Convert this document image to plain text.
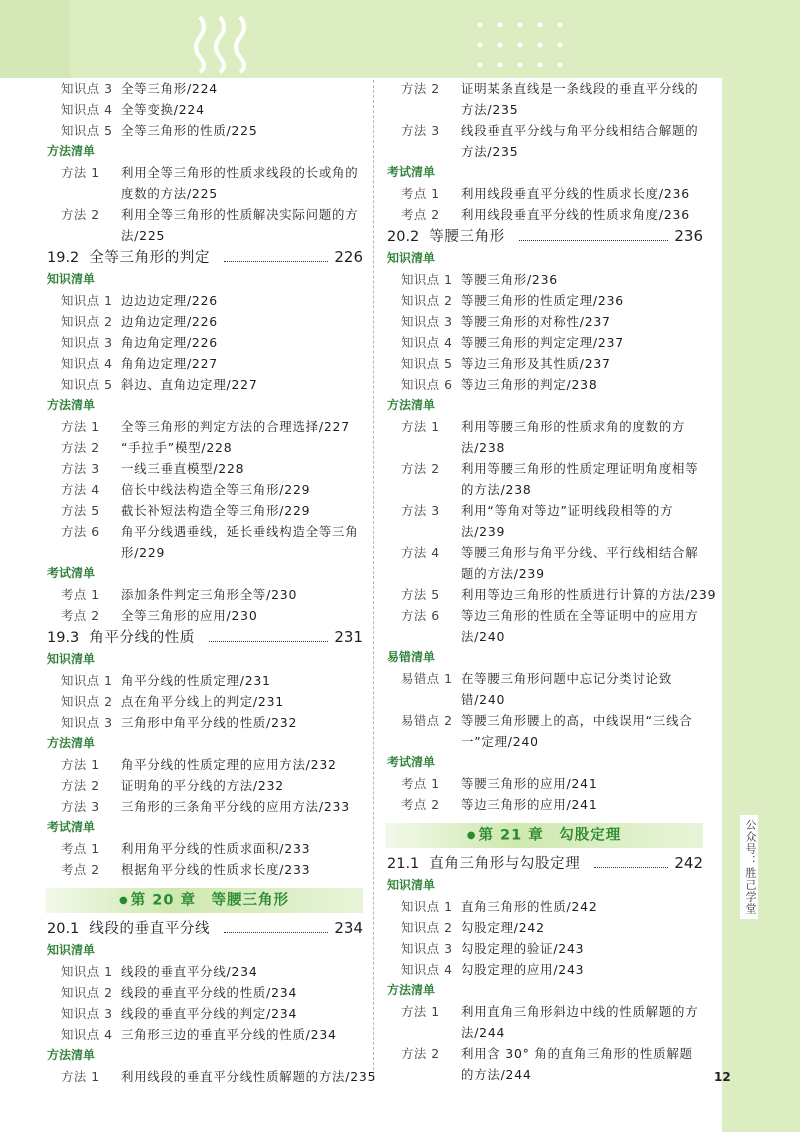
知识点 3 全等三角形/224
知识点 4 全等变换/224
知识点 5 全等三角形的性质/225
方法清单
方法 1	利用全等三角形的性质求线段的长或角的度数的方法/225
方法 2	利用全等三角形的性质解决实际问题的方法/225
19.2 全等三角形的判定	226
知识清单
知识点 1 边边边定理/226
知识点 2 边角边定理/226
知识点 3 角边角定理/226
知识点 4 角角边定理/227
知识点 5 斜边、直角边定理/227
方法清单
方法 1	全等三角形的判定方法的合理选择/227
方法 2	“手拉手”模型/228
方法 3	一线三垂直模型/228
方法 4	倍长中线法构造全等三角形/229
方法 5	截长补短法构造全等三角形/229
方法 6	角平分线遇垂线，延长垂线构造全等三角形/229
考试清单
考点 1	添加条件判定三角形全等/230
考点 2	全等三角形的应用/230
19.3 角平分线的性质	231
知识清单
知识点 1 角平分线的性质定理/231
知识点 2 点在角平分线上的判定/231
知识点 3 三角形中角平分线的性质/232
方法清单
方法 1	角平分线的性质定理的应用方法/232
方法 2	证明角的平分线的方法/232
方法 3	三角形的三条角平分线的应用方法/233
考试清单
考点 1	利用角平分线的性质求面积/233
考点 2	根据角平分线的性质求长度/233
● 第 20 章　等腰三角形
20.1 线段的垂直平分线	234
知识清单
知识点 1 线段的垂直平分线/234
知识点 2 线段的垂直平分线的性质/234
知识点 3 线段的垂直平分线的判定/234
知识点 4 三角形三边的垂直平分线的性质/234
方法清单
方法 1	利用线段的垂直平分线性质解题的方法/235
方法 2	证明某条直线是一条线段的垂直平分线的方法/235
方法 3	线段垂直平分线与角平分线相结合解题的方法/235
考试清单
考点 1	利用线段垂直平分线的性质求长度/236
考点 2	利用线段垂直平分线的性质求角度/236
20.2 等腰三角形	236
知识清单
知识点 1 等腰三角形/236
知识点 2 等腰三角形的性质定理/236
知识点 3 等腰三角形的对称性/237
知识点 4 等腰三角形的判定定理/237
知识点 5 等边三角形及其性质/237
知识点 6 等边三角形的判定/238
方法清单
方法 1	利用等腰三角形的性质求角的度数的方法/238
方法 2	利用等腰三角形的性质定理证明角度相等的方法/238
方法 3	利用“等角对等边”证明线段相等的方法/239
方法 4	等腰三角形与角平分线、平行线相结合解题的方法/239
方法 5	利用等边三角形的性质进行计算的方法/239
方法 6	等边三角形的性质在全等证明中的应用方法/240
易错清单
易错点 1 在等腰三角形问题中忘记分类讨论致错/240
易错点 2 等腰三角形腰上的高，中线误用“三线合一”定理/240
考试清单
考点 1	等腰三角形的应用/241
考点 2	等边三角形的应用/241
● 第 21 章　勾股定理
21.1 直角三角形与勾股定理	242
知识清单
知识点 1 直角三角形的性质/242
知识点 2 勾股定理/242
知识点 3 勾股定理的验证/243
知识点 4 勾股定理的应用/243
方法清单
方法 1	利用直角三角形斜边中线的性质解题的方法/244
方法 2	利用含 30° 角的直角三角形的性质解题的方法/244
公众号：胜己学堂
12
